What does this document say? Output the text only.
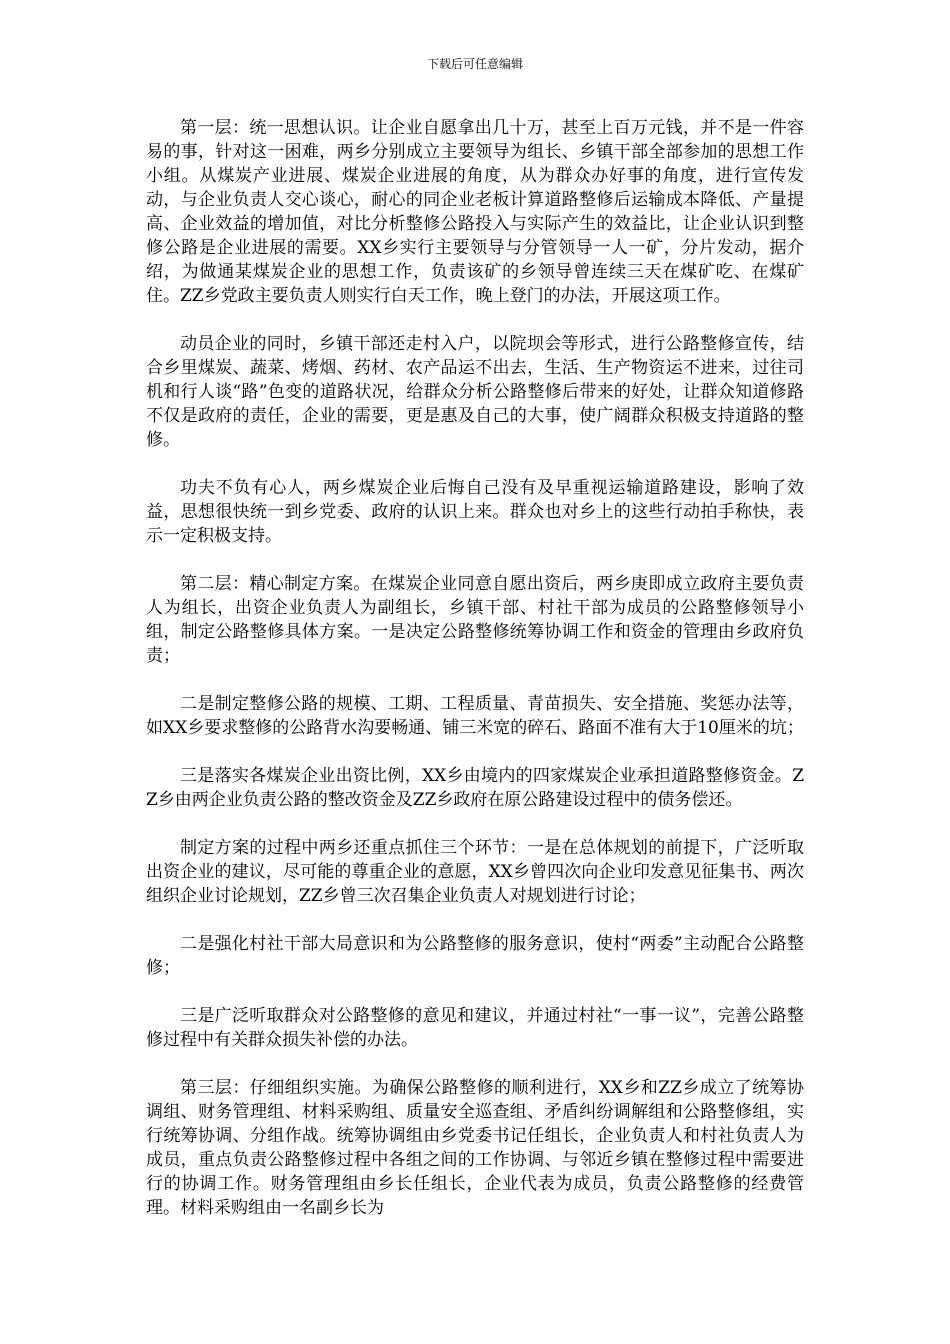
下载后可任意编辑

第一层：统一思想认识。让企业自愿拿出几十万，甚至上百万元钱，并不是一件容易的事，针对这一困难，两乡分别成立主要领导为组长、乡镇干部全部参加的思想工作小组。从煤炭产业进展、煤炭企业进展的角度，从为群众办好事的角度，进行宣传发动，与企业负责人交心谈心，耐心的同企业老板计算道路整修后运输成本降低、产量提高、企业效益的增加值，对比分析整修公路投入与实际产生的效益比，让企业认识到整修公路是企业进展的需要。XX乡实行主要领导与分管领导一人一矿，分片发动，据介绍，为做通某煤炭企业的思想工作，负责该矿的乡领导曾连续三天在煤矿吃、在煤矿住。ZZ乡党政主要负责人则实行白天工作，晚上登门的办法，开展这项工作。

动员企业的同时，乡镇干部还走村入户，以院坝会等形式，进行公路整修宣传，结合乡里煤炭、蔬菜、烤烟、药材、农产品运不出去，生活、生产物资运不进来，过往司机和行人谈“路”色变的道路状况，给群众分析公路整修后带来的好处，让群众知道修路不仅是政府的责任，企业的需要，更是惠及自己的大事，使广阔群众积极支持道路的整修。

功夫不负有心人，两乡煤炭企业后悔自己没有及早重视运输道路建设，影响了效益，思想很快统一到乡党委、政府的认识上来。群众也对乡上的这些行动拍手称快，表示一定积极支持。

第二层：精心制定方案。在煤炭企业同意自愿出资后，两乡庚即成立政府主要负责人为组长，出资企业负责人为副组长，乡镇干部、村社干部为成员的公路整修领导小组，制定公路整修具体方案。一是决定公路整修统筹协调工作和资金的管理由乡政府负责；

二是制定整修公路的规模、工期、工程质量、青苗损失、安全措施、奖惩办法等，如XX乡要求整修的公路背水沟要畅通、铺三米宽的碎石、路面不准有大于10厘米的坑；

三是落实各煤炭企业出资比例，XX乡由境内的四家煤炭企业承担道路整修资金。ZZ乡由两企业负责公路的整改资金及ZZ乡政府在原公路建设过程中的债务偿还。

制定方案的过程中两乡还重点抓住三个环节：一是在总体规划的前提下，广泛听取出资企业的建议，尽可能的尊重企业的意愿，XX乡曾四次向企业印发意见征集书、两次组织企业讨论规划，ZZ乡曾三次召集企业负责人对规划进行讨论；

二是强化村社干部大局意识和为公路整修的服务意识，使村“两委”主动配合公路整修；

三是广泛听取群众对公路整修的意见和建议，并通过村社“一事一议”，完善公路整修过程中有关群众损失补偿的办法。

第三层：仔细组织实施。为确保公路整修的顺利进行，XX乡和ZZ乡成立了统筹协调组、财务管理组、材料采购组、质量安全巡查组、矛盾纠纷调解组和公路整修组，实行统筹协调、分组作战。统筹协调组由乡党委书记任组长，企业负责人和村社负责人为成员，重点负责公路整修过程中各组之间的工作协调、与邻近乡镇在整修过程中需要进行的协调工作。财务管理组由乡长任组长，企业代表为成员，负责公路整修的经费管理。材料采购组由一名副乡长为
